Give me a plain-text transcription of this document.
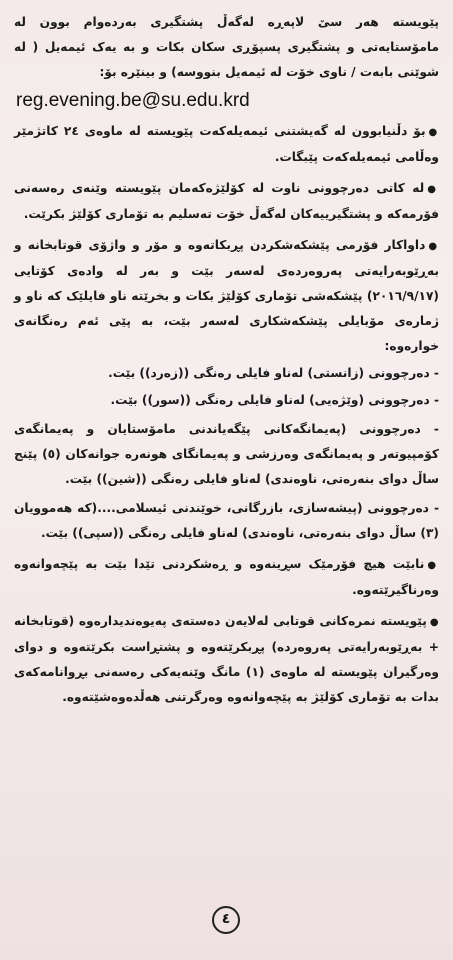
پێویستە هەر سێ لاپەڕە لەگەڵ پشتگیری بەردەوام بوون لە مامۆستایەتی و پشتگیری پسپۆڕی سکان بکات و بە یەک ئیمەیل ( لە شوێنی بابەت / ناوی خۆت لە ئیمەیل بنووسە) و بینێرە بۆ:

reg.evening.be@su.edu.krd

● بۆ دڵنیابوون لە گەیشتنی ئیمەیلەکەت پێویستە لە ماوەی ٢٤ کاتژمێر وەڵامی ئیمەیلەکەت پێبگات.

● لە کاتی دەرچوونی ناوت لە کۆلێژەکەمان پێویستە وێنەی رەسەنی فۆرمەکە و پشتگیرییەکان لەگەڵ خۆت تەسلیم بە تۆماری کۆلێژ بکرێت.

● داواکار فۆرمی پێشکەشکردن پڕبکاتەوە و مۆر و واژۆی قوتابخانە و بەڕێوبەرایەتی پەروەردەی لەسەر بێت و بەر لە وادەی کۆتایی (٢٠١٦/٩/١٧) پێشکەشی تۆماری کۆلێژ بکات و بخرێتە ناو فایلێک کە ناو و ژمارەی مۆبایلی پێشکەشکاری لەسەر بێت، بە پێی ئەم رەنگانەی خوارەوە:

- دەرچوونی (زانستی) لەناو فایلی رەنگی ((زەرد)) بێت.

- دەرچوونی (وێژەیی) لەناو فایلی رەنگی ((سور)) بێت.

- دەرچوونی (پەیمانگەکانی پێگەیاندنی مامۆستایان و پەیمانگەی کۆمپیوتەر و پەیمانگەی وەرزشی و پەیمانگای هونەرە جوانەکان (٥) پێنج ساڵ دوای بنەرەتی، ناوەندی) لەناو فایلی رەنگی ((شین)) بێت.

- دەرچوونی (پیشەسازی، بازرگانی، خوێندنی ئیسلامی....(کە هەموویان (٣) ساڵ دوای بنەرەتی، ناوەندی) لەناو فایلی رەنگی ((سپی)) بێت.

● نابێت هیچ فۆرمێک سڕینەوە و ڕەشکردنی تێدا بێت بە پێچەوانەوە وەرناگیرێتەوە.

● پێویستە نمرەکانی قوتابی لەلایەن دەستەی پەیوەندیدارەوە (قوتابخانە + بەڕێوبەرایەتی پەروەردە) پڕبکرێتەوە و پشتڕاست بکرێتەوە و دوای وەرگیران پێویستە لە ماوەی (١) مانگ وێنەیەکی رەسەنی بڕوانامەکەی بدات بە تۆماری کۆلێژ بە پێچەوانەوە وەرگرتنی هەڵدەوەشێتەوە.

٤
